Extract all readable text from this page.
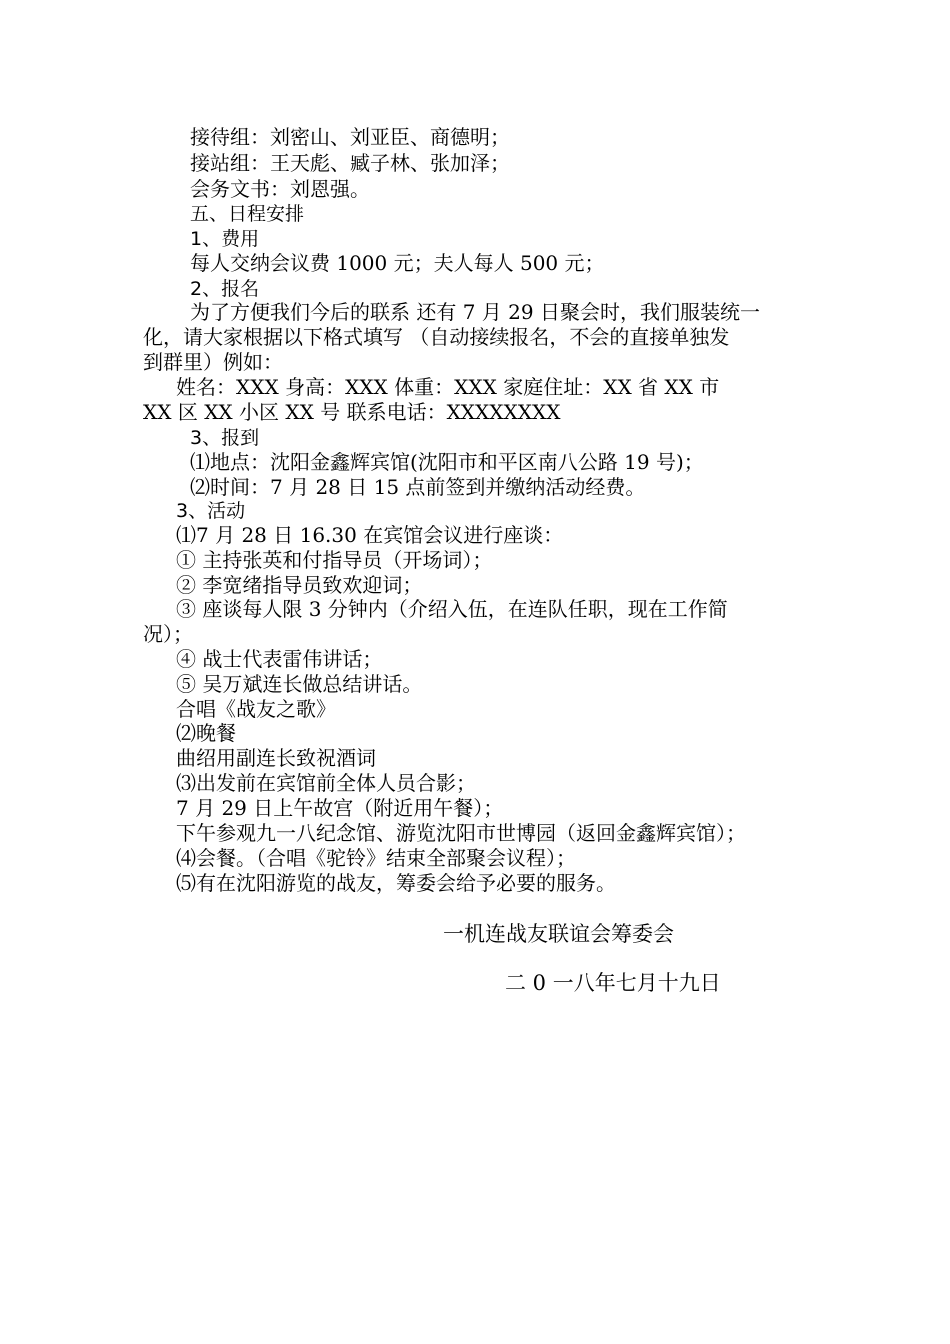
接待组：刘密山、刘亚臣、商德明；

接站组：王天彪、臧子林、张加泽；

会务文书：刘恩强。

五、日程安排

1、费用

每人交纳会议费 1000 元；夫人每人 500 元；

2、报名

为了方便我们今后的联系 还有 7 月 29 日聚会时，我们服装统一

化，请大家根据以下格式填写 （自动接续报名，不会的直接单独发

到群里）例如：

姓名：XXX 身高：XXX 体重：XXX 家庭住址：XX 省 XX 市

XX 区 XX 小区 XX 号 联系电话：XXXXXXXX

3、报到

⑴地点：沈阳金鑫辉宾馆(沈阳市和平区南八公路 19 号)；

⑵时间：7 月 28 日 15 点前签到并缴纳活动经费。

3、活动

⑴7 月 28 日 16.30 在宾馆会议进行座谈：

① 主持张英和付指导员（开场词）；

② 李宽绪指导员致欢迎词；

③ 座谈每人限 3 分钟内（介绍入伍，在连队任职，现在工作简

况）；

④ 战士代表雷伟讲话；

⑤ 吴万斌连长做总结讲话。

合唱《战友之歌》

⑵晚餐

曲绍用副连长致祝酒词

⑶出发前在宾馆前全体人员合影；

7 月 29 日上午故宫（附近用午餐）；

下午参观九一八纪念馆、游览沈阳市世博园（返回金鑫辉宾馆）；

⑷会餐。（合唱《驼铃》结束全部聚会议程）；

⑸有在沈阳游览的战友，筹委会给予必要的服务。

一机连战友联谊会筹委会

二 0 一八年七月十九日
